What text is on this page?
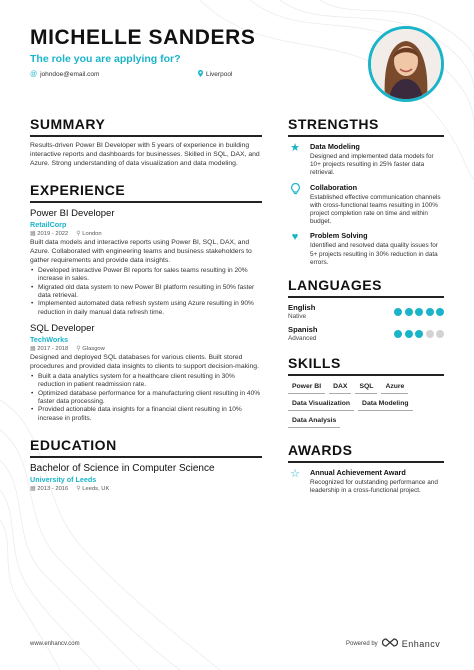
MICHELLE SANDERS
The role you are applying for?
@ johndoe@email.com	Liverpool
SUMMARY
Results-driven Power BI Developer with 5 years of experience in building interactive reports and dashboards for businesses. Skilled in SQL, DAX, and Azure. Strong understanding of data visualization and data modeling.
EXPERIENCE
Power BI Developer
RetailCorp
▦ 2019 - 2022 ⚲ London
Built data models and interactive reports using Power BI, SQL, DAX, and Azure. Collaborated with engineering teams and business stakeholders to gather requirements and provide data insights.
• Developed interactive Power BI reports for sales teams resulting in 20% increase in sales.
• Migrated old data system to new Power BI platform resulting in 50% faster data retrieval.
• Implemented automated data refresh system using Azure resulting in 90% reduction in daily manual data refresh time.
SQL Developer
TechWorks
▦ 2017 - 2018 ⚲ Glasgow
Designed and deployed SQL databases for various clients. Built stored procedures and provided data insights to clients to support decision-making.
• Built a data analytics system for a healthcare client resulting in 30% reduction in patient readmission rate.
• Optimized database performance for a manufacturing client resulting in 40% faster data processing.
• Provided actionable data insights for a financial client resulting in 10% increase in profits.
EDUCATION
Bachelor of Science in Computer Science
University of Leeds
▦ 2013 - 2016 ⚲ Leeds, UK
STRENGTHS
★ Data Modeling
Designed and implemented data models for 10+ projects resulting in 25% faster data retrieval.
Collaboration
Established effective communication channels with cross-functional teams resulting in 100% project completion rate on time and within budget.
♥	Problem Solving
Identified and resolved data quality issues for 5+ projects resulting in 30% reduction in data errors.
LANGUAGES
English
Native
Spanish
Advanced
SKILLS
Power BI	DAX	SQL	Azure
Data Visualization	Data Modeling
Data Analysis
AWARDS
☆ Annual Achievement Award
Recognized for outstanding performance and leadership in a cross-functional project.
www.enhancv.com	Powered by	Enhancv
